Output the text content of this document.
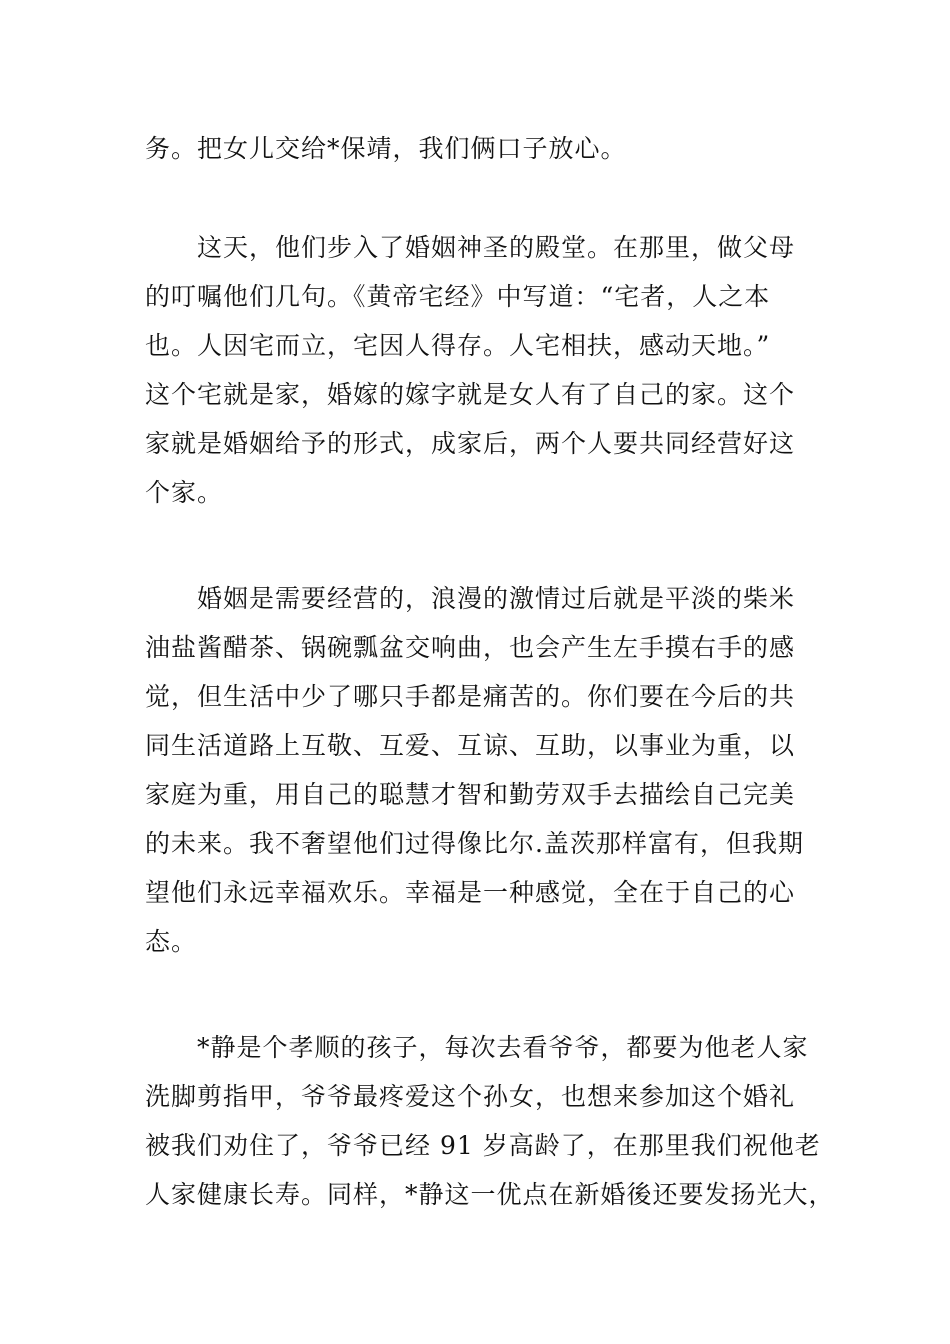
务。把女儿交给*保靖，我们俩口子放心。
这天，他们步入了婚姻神圣的殿堂。在那里，做父母
的叮嘱他们几句。《黄帝宅经》中写道：“宅者，人之本
也。人因宅而立，宅因人得存。人宅相扶，感动天地。”
这个宅就是家，婚嫁的嫁字就是女人有了自己的家。这个
家就是婚姻给予的形式，成家后，两个人要共同经营好这
个家。
婚姻是需要经营的，浪漫的激情过后就是平淡的柴米
油盐酱醋茶、锅碗瓢盆交响曲，也会产生左手摸右手的感
觉，但生活中少了哪只手都是痛苦的。你们要在今后的共
同生活道路上互敬、互爱、互谅、互助，以事业为重，以
家庭为重，用自己的聪慧才智和勤劳双手去描绘自己完美
的未来。我不奢望他们过得像比尔.盖茨那样富有，但我期
望他们永远幸福欢乐。幸福是一种感觉，全在于自己的心
态。
*静是个孝顺的孩子，每次去看爷爷，都要为他老人家
洗脚剪指甲，爷爷最疼爱这个孙女，也想来参加这个婚礼
被我们劝住了，爷爷已经 91 岁高龄了，在那里我们祝他老
人家健康长寿。同样，*静这一优点在新婚後还要发扬光大，
